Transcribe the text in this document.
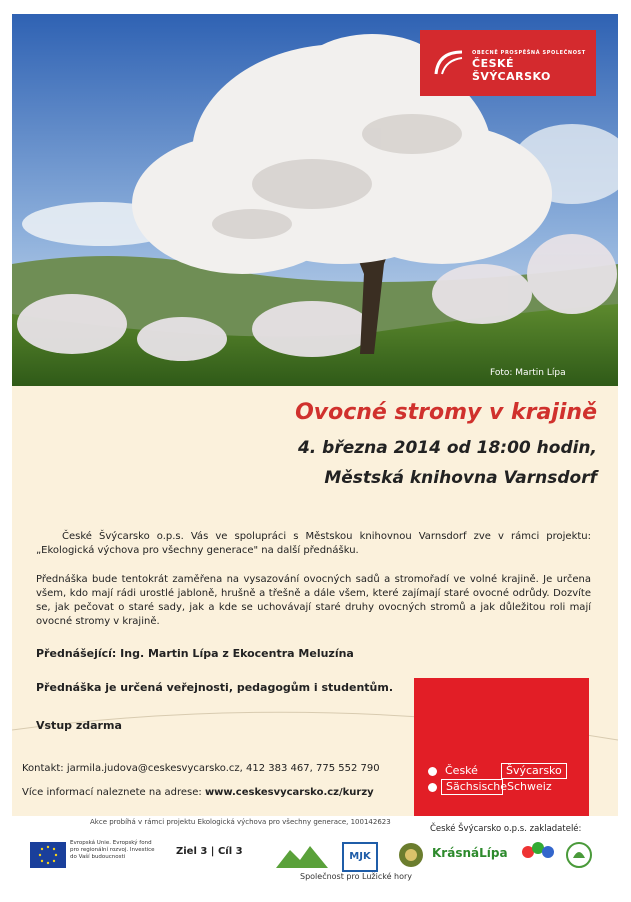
OBECNĚ PROSPĚŠNÁ SPOLEČNOST
ČESKÉ ŠVÝCARSKO
Foto: Martin Lípa
Ovocné stromy v krajině
4. března 2014 od 18:00 hodin,
Městská knihovna Varnsdorf
České Švýcarsko o.p.s. Vás ve spolupráci s Městskou knihovnou Varnsdorf zve v rámci projektu: „Ekologická výchova pro všechny generace" na další přednášku.
Přednáška bude tentokrát zaměřena na vysazování ovocných sadů a stromořadí ve volné krajině. Je určena všem, kdo mají rádi urostlé jabloně, hrušně a třešně a dále všem, které zajímají staré ovocné odrůdy. Dozvíte se, jak pečovat o staré sady, jak a kde se uchovávají staré druhy ovocných stromů a jak důležitou roli mají ovocné stromy v krajině.
Přednášející: Ing. Martin Lípa z Ekocentra Meluzína
Přednáška je určená veřejnosti, pedagogům i studentům.
Vstup zdarma
Kontakt: jarmila.judova@ceskesvycarsko.cz, 412 383 467, 775 552 790
Více informací naleznete na adrese: www.ceskesvycarsko.cz/kurzy
České	Švýcarsko
Sächsische Schweiz
Akce probíhá v rámci projektu Ekologická výchova pro všechny generace, 100142623
České Švýcarsko o.p.s. zakladatelé:
Evropská Unie. Evropský fond pro regionální rozvoj. Investice do Vaší budoucnosti	Ziel 3 | Cíl 3	MJK
Společnost pro Lužické hory
KrásnáLípa
